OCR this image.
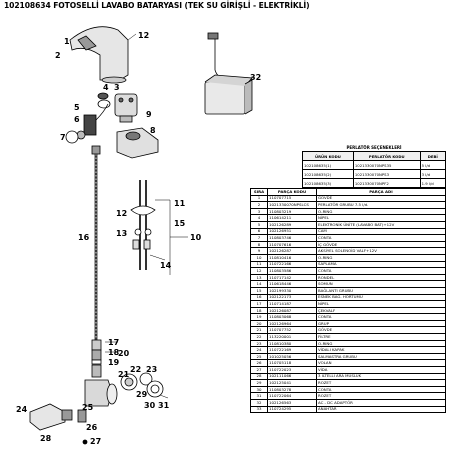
102108634 FOTOSELLİ LAVABO BATARYASI (TEK SU GİRİŞLİ - ELEKTRİKLİ)
1
12
2
3
32
4
9
5
6
7
8
11
12
10
13
15
16
14
17
18
19
20
21
22 23
24	25
26
27
28
29
30 31
PERLATÖR SEÇENEKLERİ		
ÜRÜN KODU	PERLATÖR KODU	DEBİ
102108635(1)	1021330070NPS35	5 l/d
102108635(2)	1021330070NPS3	3 l/d
102108635(3)	1021330070NPF2	1.9 l/d
SIRA	PARÇA KODU	PARÇA ADI
1	110707715	GÖVDE
2	1021330070NPSLCS	PERLATÖR GRUBU 7.5 l/d.
3	110803219	O-RING
4	110614211	NİPEL
5	102126289	ELEKTRONİK ÜNİTE (LAVABO BAT)+12V
6	102126951	CAM
7	110803746	CONTA
8	110707616	İÇ GÖVDE
9	102126287	AKSİYEL SOLENOİD VALF+12V
10	110810416	O-RING
11	110722166	SAPLAMA
12	110803586	CONTA
13	110717142	RONDEL
14	110618446	SOMUN
15	102199330	BAĞLANTI GRUBU
16	102122173	ESNEK BAĞ. HORTUMU
17	110714187	NİPEL
18	102126087	ÇEKVALF
19	110803068	CONTA
20	102126964	GRUP
21	110707752	GÖVDE
22	113220001	FİLTRE
23	110810380	O-RING
24	110722169	VİDALI KAPAK
25	101025056	SALMASTRA GRUBU
26	110705118	VOLAN
27	110722023	VİDA
28	102111066	3 İLTELLİ ARA MUSLUK
29	102125041	ROZET
30	110803278	CONTA
31	110722064	ROZET
32	102126563	AC - DC ADAPTÖR
33	110724295	ANAHTAR
